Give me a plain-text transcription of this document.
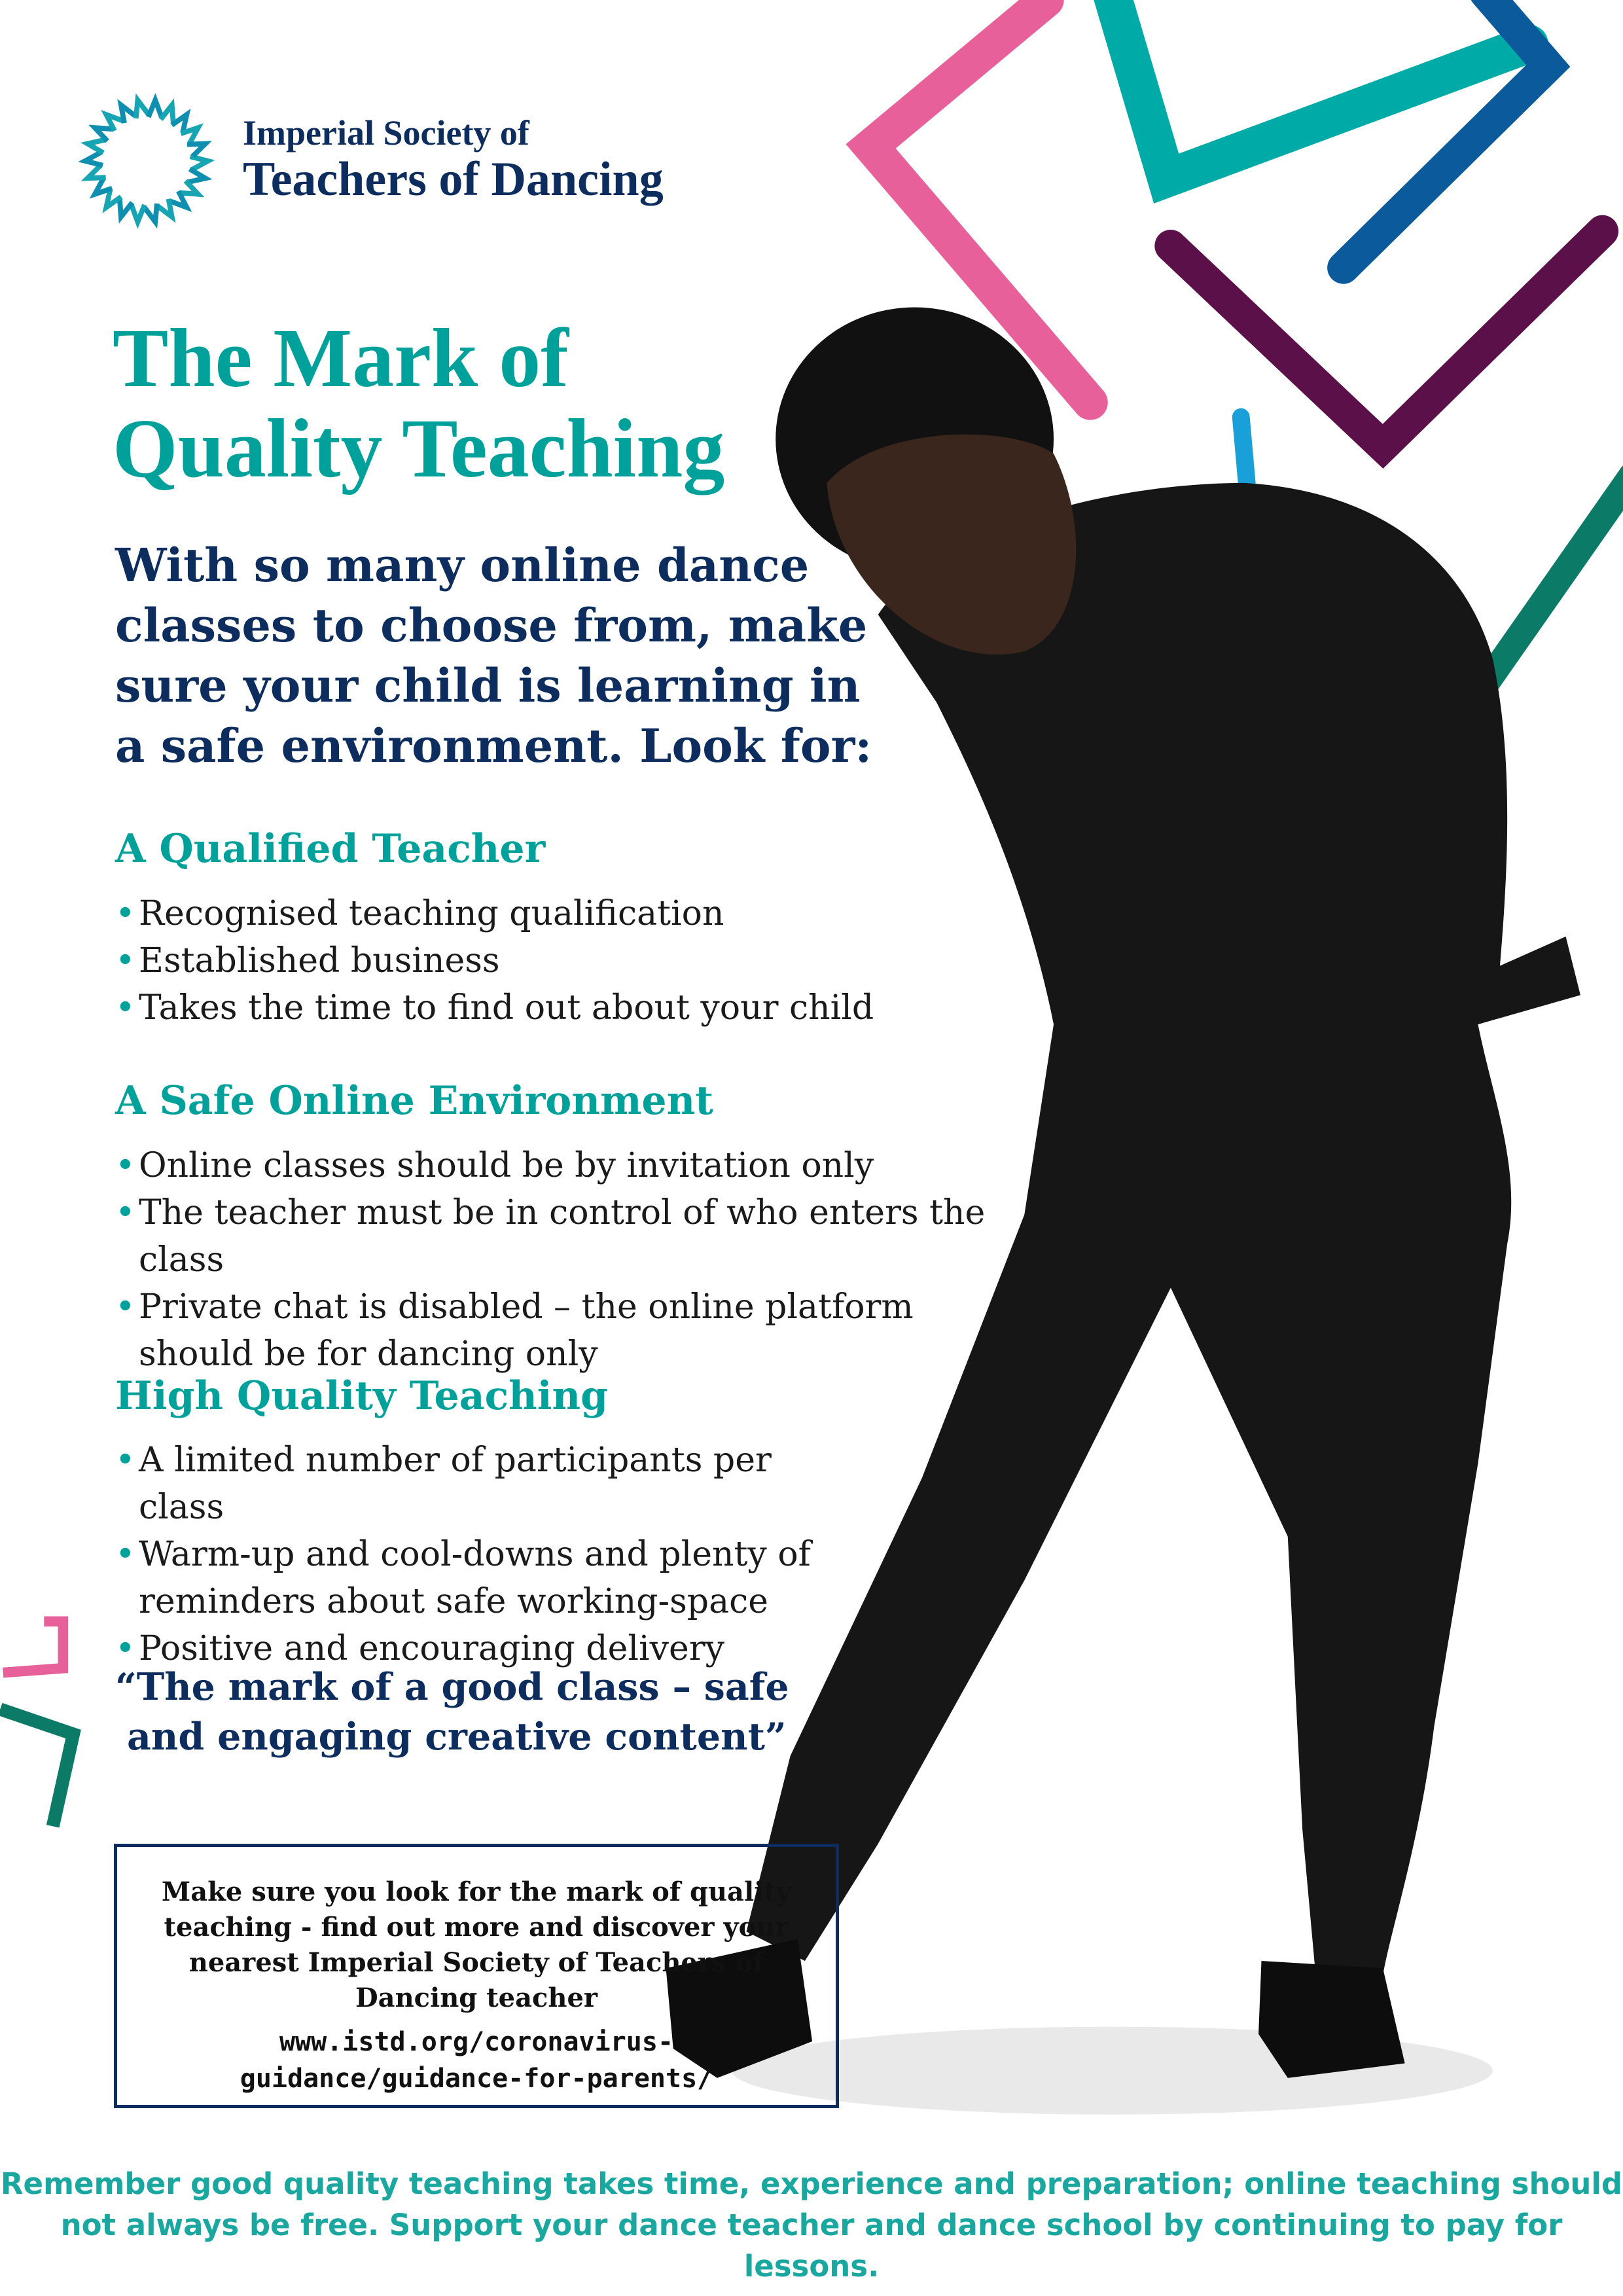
Imperial Society of
Teachers of Dancing
The Mark of
Quality Teaching

With so many online dance classes to choose from, make sure your child is learning in a safe environment. Look for:

A Qualified Teacher
• Recognised teaching qualification
• Established business
• Takes the time to find out about your child
A Safe Online Environment
• Online classes should be by invitation only
• The teacher must be in control of who enters the class
• Private chat is disabled – the online platform should be for dancing only
High Quality Teaching
• A limited number of participants per class
• Warm-up and cool-downs and plenty of reminders about safe working-space
• Positive and encouraging delivery
“The mark of a good class – safe
and engaging creative content”
Make sure you look for the mark of quality teaching - find out more and discover your nearest Imperial Society of Teachers of Dancing teacher
www.istd.org/coronavirus-
guidance/guidance-for-parents/
Remember good quality teaching takes time, experience and preparation; online teaching should
not always be free. Support your dance teacher and dance school by continuing to pay for lessons.
